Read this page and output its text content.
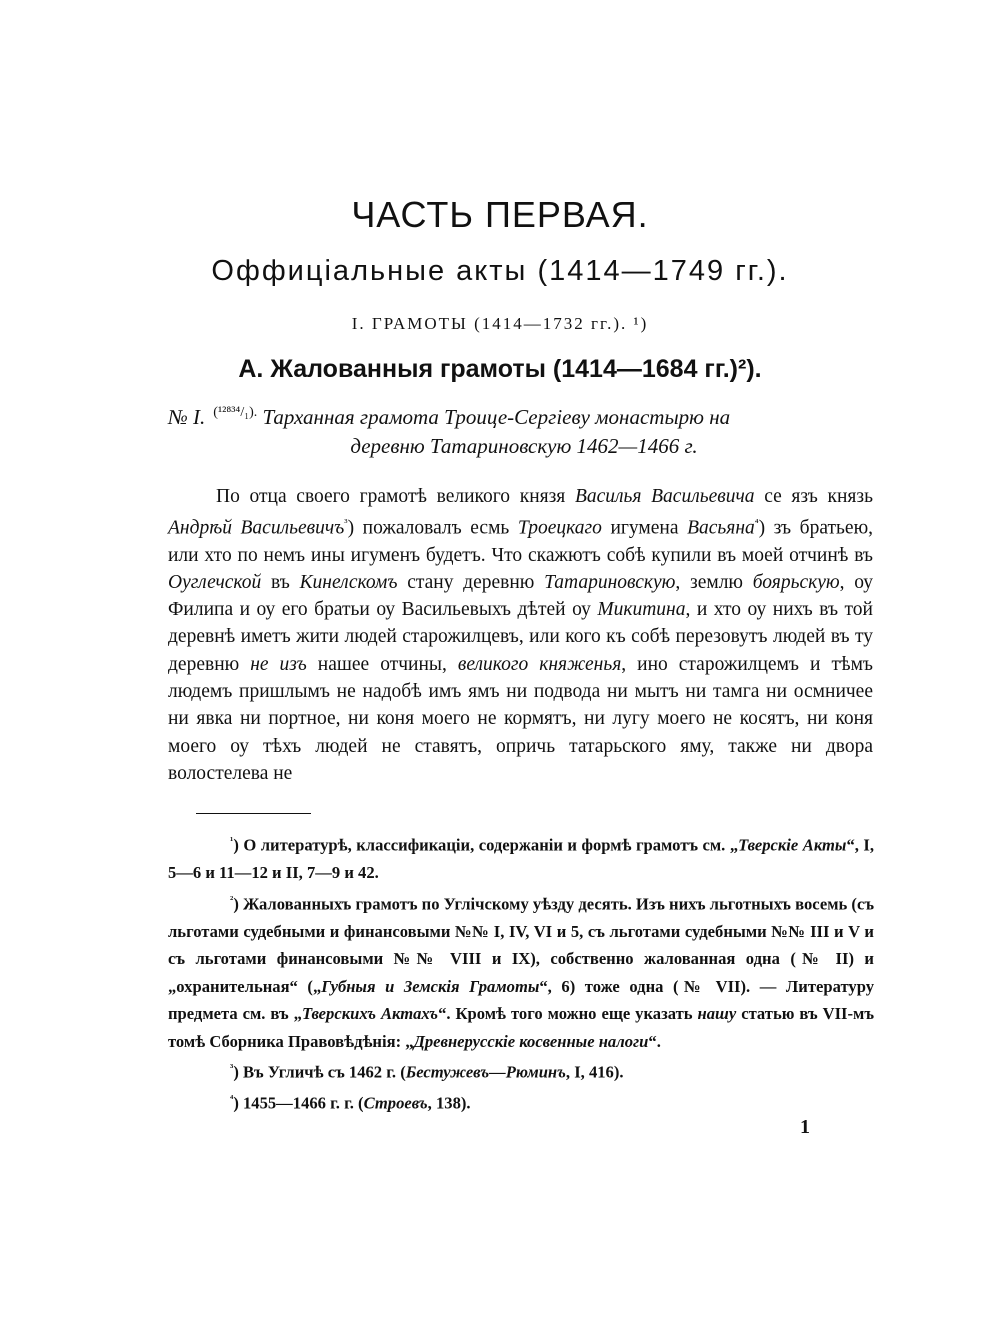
ЧАСТЬ ПЕРВАЯ.
Оффиціальные акты (1414—1749 гг.).
I. ГРАМОТЫ (1414—1732 гг.). ¹)
А. Жалованныя грамоты (1414—1684 гг.)²).
№ I. $^{(^{12834}/_1).}$ Тарханная грамота Троице-Сергіеву монастырю на
деревню Татариновскую 1462—1466 г.

По отца своего грамотѣ великого князя Василья Васильевича се язъ князь Андрѣй Васильевичъ$^{^3}$) пожаловалъ есмь Троецкаго игумена Васьяна$^{^4}$) зъ братьею, или хто по немъ ины игуменъ будетъ. Что скажютъ собѣ купили въ моей отчинѣ въ Оуглечской въ Кинелскомъ стану деревню Татариновскую, землю боярьскую, оу Филипа и оу его братьи оу Васильевыхъ дѣтей оу Микитина, и хто оу нихъ въ той деревнѣ иметъ жити людей старожилцевъ, или кого къ собѣ перезовутъ людей въ ту деревню не изъ нашее отчины, великого княженья, ино старожилцемъ и тѣмъ людемъ пришлымъ не надобѣ имъ ямъ ни подвода ни мытъ ни тамга ни осмничее ни явка ни портное, ни коня моего не кормятъ, ни лугу моего не косятъ, ни коня моего оу тѣхъ людей не ставятъ, опричь татарьского яму, также ни двора волостелева не

$^{^1}$) О литературѣ, классификаціи, содержаніи и формѣ грамотъ см. „Тверскіе Акты“, I, 5—6 и 11—12 и II, 7—9 и 42.

$^{^2}$) Жалованныхъ грамотъ по Углічскому уѣзду десять. Изъ нихъ льготныхъ восемь (съ льготами судебными и финансовыми №№ I, IV, VI и 5, съ льготами судебными №№ III и V и съ льготами финансовыми №№ VIII и IX), собственно жалованная одна (№ II) и „охранительная“ („Губныя и Земскія Грамоты“, 6) тоже одна (№ VII). — Литературу предмета см. въ „Тверскихъ Актахъ“. Кромѣ того можно еще указать нашу статью въ VII-мъ томѣ Сборника Правовѣдѣнія: „Древнерусскіе косвенные налоги“.

$^{^3}$) Въ Угличѣ съ 1462 г. (Бестужевъ—Рюминъ, I, 416).

$^{^4}$) 1455—1466 г. г. (Строевъ, 138).

1
